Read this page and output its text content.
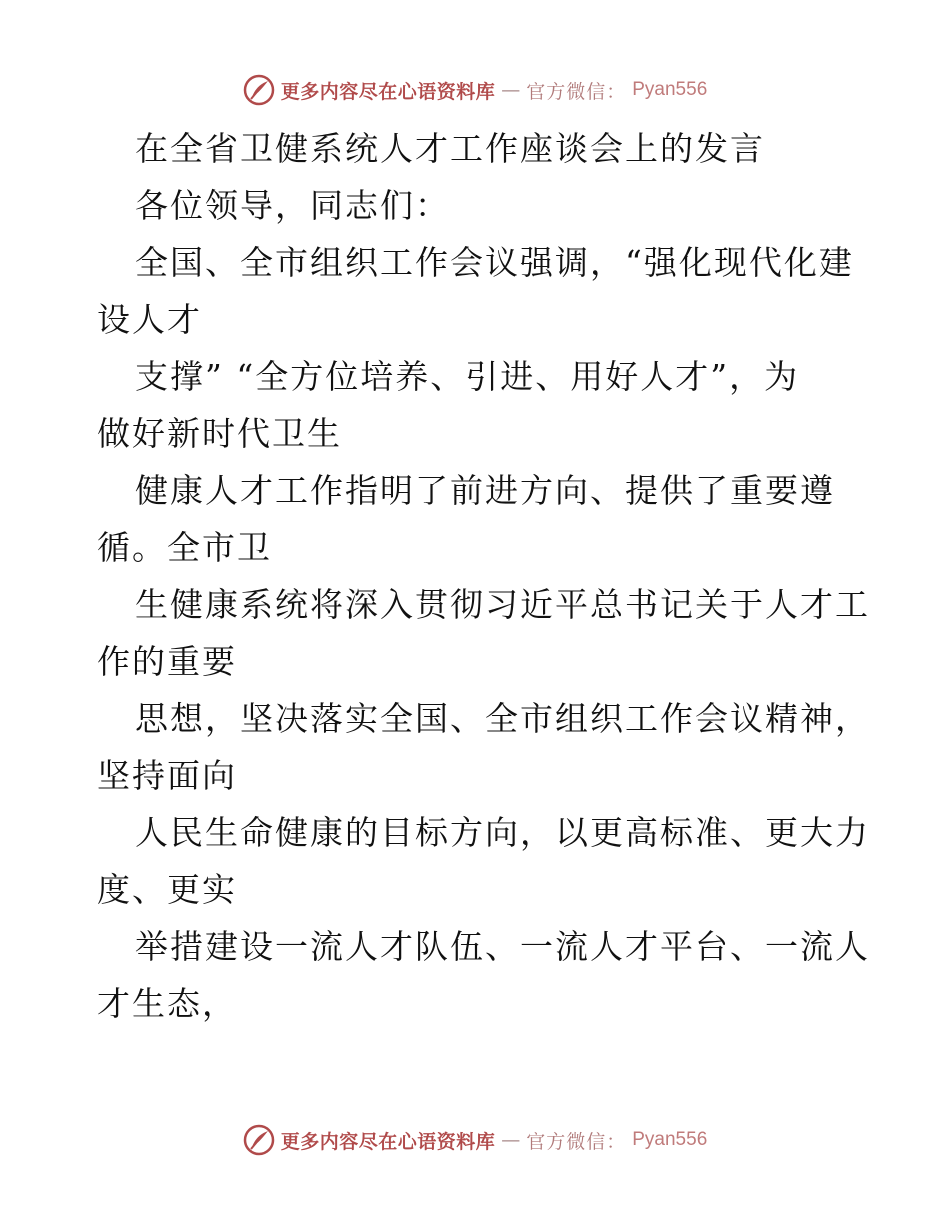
更多内容尽在心语资料库 — 官方微信： Pyan556
在全省卫健系统人才工作座谈会上的发言
各位领导，同志们：
全国、全市组织工作会议强调，“强化现代化建
设人才
支撑” “全方位培养、引进、用好人才”，为
做好新时代卫生
健康人才工作指明了前进方向、提供了重要遵
循。全市卫
生健康系统将深入贯彻习近平总书记关于人才工
作的重要
思想，坚决落实全国、全市组织工作会议精神，
坚持面向
人民生命健康的目标方向，以更高标准、更大力
度、更实
举措建设一流人才队伍、一流人才平台、一流人
才生态，
更多内容尽在心语资料库 — 官方微信： Pyan556
